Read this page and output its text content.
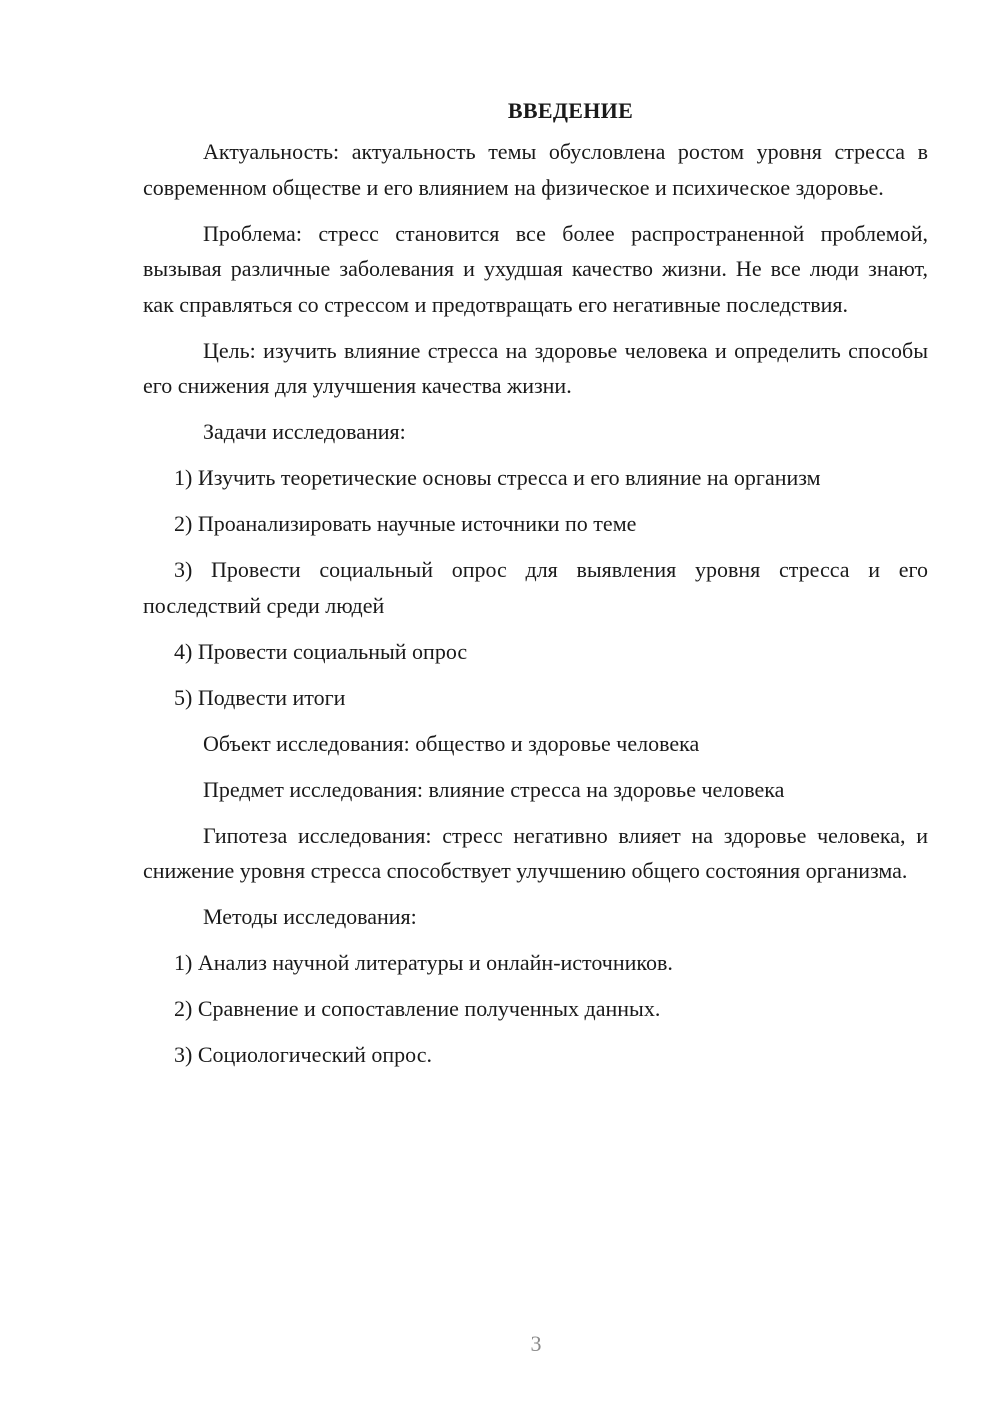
ВВЕДЕНИЕ

Актуальность: актуальность темы обусловлена ростом уровня стресса в современном обществе и его влиянием на физическое и психическое здоровье.

Проблема: стресс становится все более распространенной проблемой, вызывая различные заболевания и ухудшая качество жизни. Не все люди знают, как справляться со стрессом и предотвращать его негативные последствия.

Цель: изучить влияние стресса на здоровье человека и определить способы его снижения для улучшения качества жизни.

Задачи исследования:

1) Изучить теоретические основы стресса и его влияние на организм

2) Проанализировать научные источники по теме

3) Провести социальный опрос для выявления уровня стресса и его последствий среди людей

4) Провести социальный опрос

5) Подвести итоги

Объект исследования: общество и здоровье человека

Предмет исследования: влияние стресса на здоровье человека

Гипотеза исследования: стресс негативно влияет на здоровье человека, и снижение уровня стресса способствует улучшению общего состояния организма.

Методы исследования:

1) Анализ научной литературы и онлайн-источников.

2) Сравнение и сопоставление полученных данных.

3) Социологический опрос.

3
